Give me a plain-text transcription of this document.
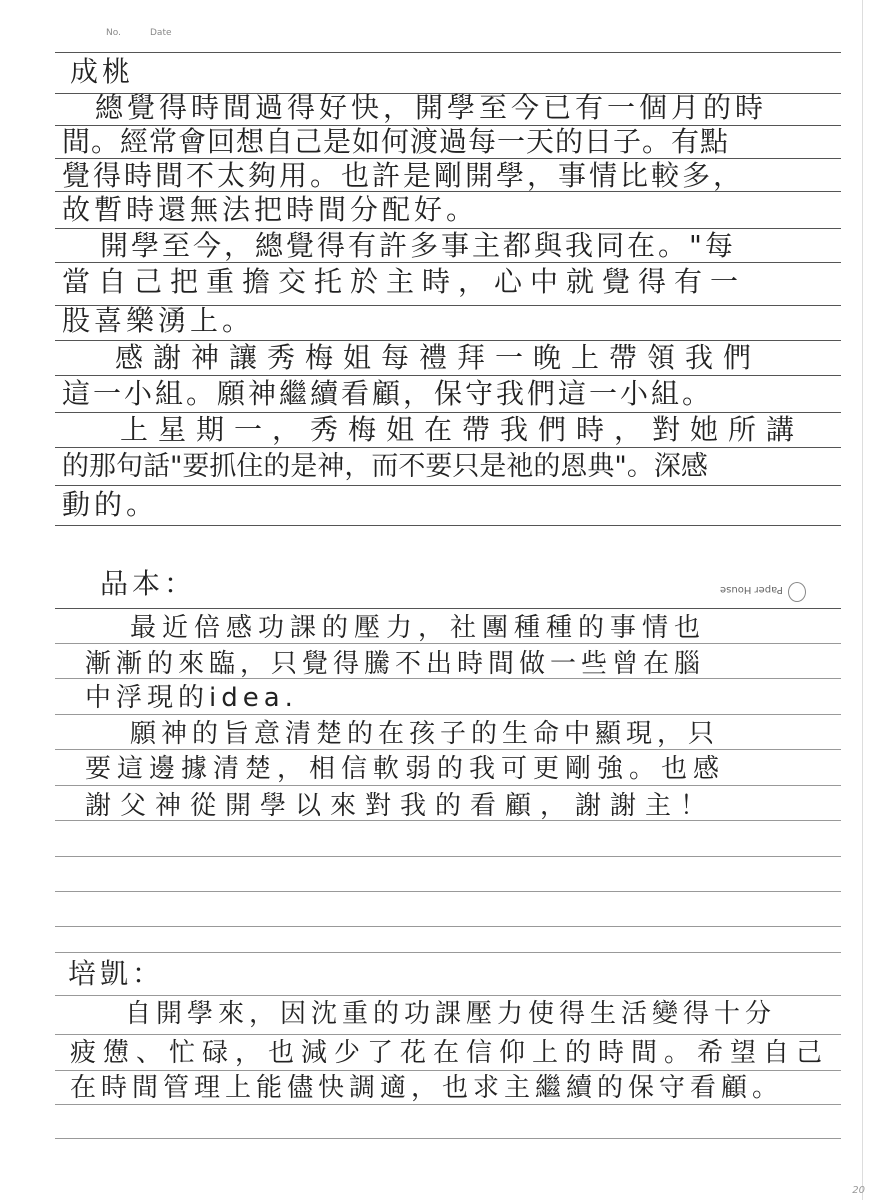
No.	Date
成桃
總覺得時間過得好快，開學至今已有一個月的時
間。經常會回想自己是如何渡過每一天的日子。有點
覺得時間不太夠用。也許是剛開學，事情比較多，
故暫時還無法把時間分配好。
開學至今，總覺得有許多事主都與我同在。"每
當自己把重擔交托於主時，心中就覺得有一
股喜樂湧上。
感謝神讓秀梅姐每禮拜一晚上帶領我們
這一小組。願神繼續看顧，保守我們這一小組。
上星期一，秀梅姐在帶我們時，對她所講
的那句話"要抓住的是神，而不要只是祂的恩典"。深感
動的。
品本：	Paper House
最近倍感功課的壓力，社團種種的事情也
漸漸的來臨，只覺得騰不出時間做一些曾在腦
中浮現的idea.
願神的旨意清楚的在孩子的生命中顯現，只
要這邊據清楚，相信軟弱的我可更剛強。也感
謝父神從開學以來對我的看顧，謝謝主！
培凱：
自開學來，因沈重的功課壓力使得生活變得十分
疲憊、忙碌，也減少了花在信仰上的時間。希望自己
在時間管理上能儘快調適，也求主繼續的保守看顧。
20
